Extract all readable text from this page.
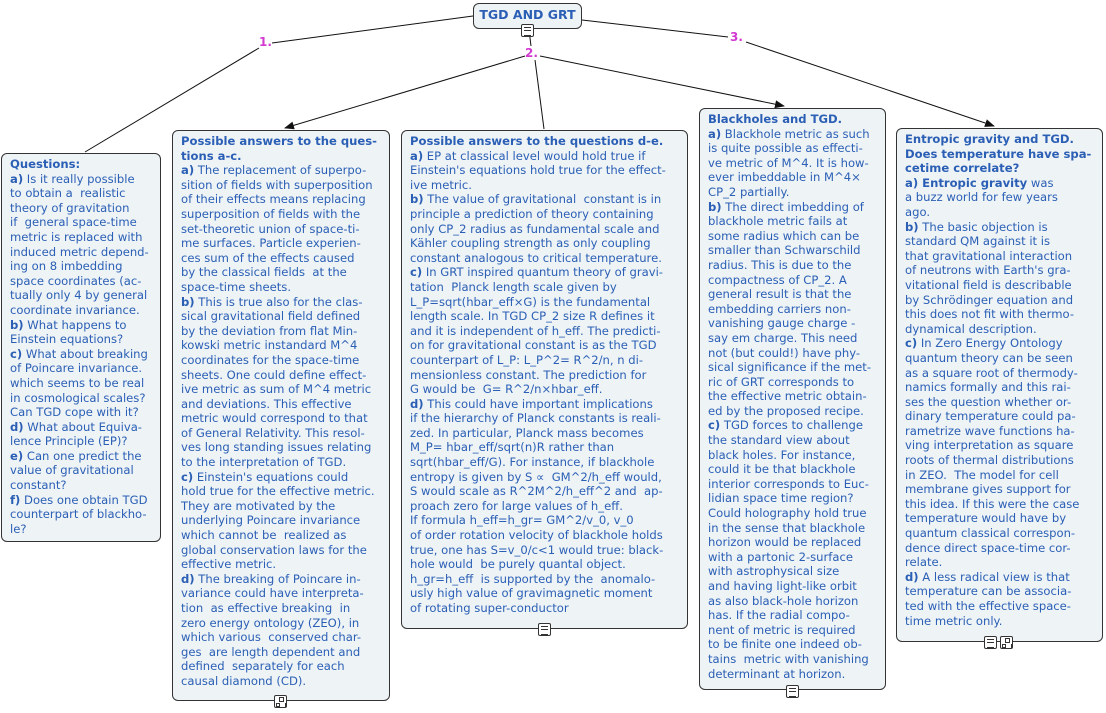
TGD AND GRT
1.
2.
3.

Questions:

a) Is it really possible

to obtain a  realistic

theory of gravitation

if  general space-time

metric is replaced with

induced metric depend-

ing on 8 imbedding

space coordinates (ac-

tually only 4 by general

coordinate invariance.

b) What happens to

Einstein equations?

c) What about breaking

of Poincare invariance.

which seems to be real

in cosmological scales?

Can TGD cope with it?

d) What about Equiva-

lence Principle (EP)?

e) Can one predict the

value of gravitational

constant?

f) Does one obtain TGD

counterpart of blackho-

le?

Possible answers to the ques-

tions a-c.

a) The replacement of superpo-

sition of fields with superposition

of their effects means replacing

superposition of fields with the

set-theoretic union of space-ti-

me surfaces. Particle experien-

ces sum of the effects caused

by the classical fields  at the

space-time sheets.

b) This is true also for the clas-

sical gravitational field defined

by the deviation from flat Min-

kowski metric instandard M^4

coordinates for the space-time

sheets. One could define effect-

ive metric as sum of M^4 metric

and deviations. This effective

metric would correspond to that

of General Relativity. This resol-

ves long standing issues relating

to the interpretation of TGD.

c) Einstein's equations could

hold true for the effective metric.

They are motivated by the

underlying Poincare invariance

which cannot be  realized as

global conservation laws for the

effective metric.

d) The breaking of Poincare in-

variance could have interpreta-

tion  as effective breaking  in

zero energy ontology (ZEO), in

which various  conserved char-

ges  are length dependent and

defined  separately for each

causal diamond (CD).

Possible answers to the questions d-e.

a) EP at classical level would hold true if

Einstein's equations hold true for the effect-

ive metric.

b) The value of gravitational  constant is in

principle a prediction of theory containing

only CP_2 radius as fundamental scale and

Kähler coupling strength as only coupling

constant analogous to critical temperature.

c) In GRT inspired quantum theory of gravi-

tation  Planck length scale given by

L_P=sqrt(hbar_eff×G) is the fundamental

length scale. In TGD CP_2 size R defines it

and it is independent of h_eff. The predicti-

on for gravitational constant is as the TGD

counterpart of L_P: L_P^2= R^2/n, n di-

mensionless constant. The prediction for

G would be  G= R^2/n×hbar_eff.

d) This could have important implications

if the hierarchy of Planck constants is reali-

zed. In particular, Planck mass becomes

M_P= hbar_eff/sqrt(n)R rather than

sqrt(hbar_eff/G). For instance, if blackhole

entropy is given by S ∝  GM^2/h_eff would,

S would scale as R^2M^2/h_eff^2 and  ap-

proach zero for large values of h_eff.

If formula h_eff=h_gr= GM^2/v_0, v_0

of order rotation velocity of blackhole holds

true, one has S=v_0/c<1 would true: black-

hole would  be purely quantal object.

h_gr=h_eff  is supported by the  anomalo-

usly high value of gravimagnetic moment

of rotating super-conductor

Blackholes and TGD.

a) Blackhole metric as such

is quite possible as effecti-

ve metric of M^4. It is how-

ever imbeddable in M^4×

CP_2 partially.

b) The direct imbedding of

blackhole metric fails at

some radius which can be

smaller than Schwarschild

radius. This is due to the

compactness of CP_2. A

general result is that the

embedding carriers non-

vanishing gauge charge -

say em charge. This need

not (but could!) have phy-

sical significance if the met-

ric of GRT corresponds to

the effective metric obtain-

ed by the proposed recipe.

c) TGD forces to challenge

the standard view about

black holes. For instance,

could it be that blackhole

interior corresponds to Euc-

lidian space time region?

Could holography hold true

in the sense that blackhole

horizon would be replaced

with a partonic 2-surface

with astrophysical size

and having light-like orbit

as also black-hole horizon

has. If the radial compo-

nent of metric is required

to be finite one indeed ob-

tains  metric with vanishing

determinant at horizon.

Entropic gravity and TGD.

Does temperature have spa-

cetime correlate?

a) Entropic gravity was

a buzz world for few years

ago.

b) The basic objection is

standard QM against it is

that gravitational interaction

of neutrons with Earth's gra-

vitational field is describable

by Schrödinger equation and

this does not fit with thermo-

dynamical description.

c) In Zero Energy Ontology

quantum theory can be seen

as a square root of thermody-

namics formally and this rai-

ses the question whether or-

dinary temperature could pa-

rametrize wave functions ha-

ving interpretation as square

roots of thermal distributions

in ZEO.  The model for cell

membrane gives support for

this idea. If this were the case

temperature would have by

quantum classical correspon-

dence direct space-time cor-

relate.

d) A less radical view is that

temperature can be associa-

ted with the effective space-

time metric only.
